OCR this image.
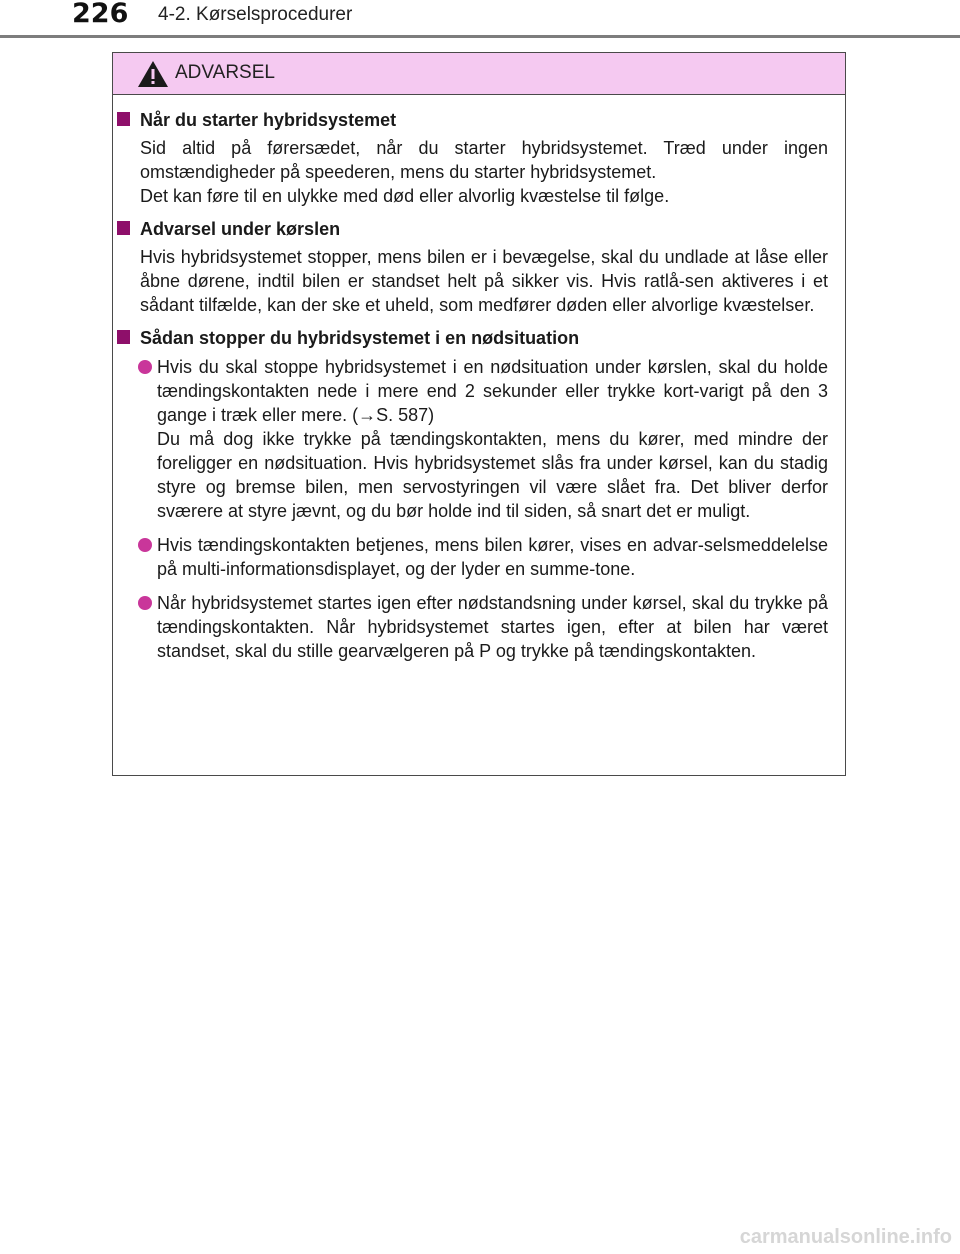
226 4-2. Kørselsprocedurer
ADVARSEL
Når du starter hybridsystemet
Sid altid på førersædet, når du starter hybridsystemet. Træd under ingen omstændigheder på speederen, mens du starter hybridsystemet.
Det kan føre til en ulykke med død eller alvorlig kvæstelse til følge.
Advarsel under kørslen
Hvis hybridsystemet stopper, mens bilen er i bevægelse, skal du undlade at låse eller åbne dørene, indtil bilen er standset helt på sikker vis. Hvis ratlå-sen aktiveres i et sådant tilfælde, kan der ske et uheld, som medfører døden eller alvorlige kvæstelser.
Sådan stopper du hybridsystemet i en nødsituation
Hvis du skal stoppe hybridsystemet i en nødsituation under kørslen, skal du holde tændingskontakten nede i mere end 2 sekunder eller trykke kort-varigt på den 3 gange i træk eller mere. (→S. 587)
Du må dog ikke trykke på tændingskontakten, mens du kører, med mindre der foreligger en nødsituation. Hvis hybridsystemet slås fra under kørsel, kan du stadig styre og bremse bilen, men servostyringen vil være slået fra. Det bliver derfor sværere at styre jævnt, og du bør holde ind til siden, så snart det er muligt.
Hvis tændingskontakten betjenes, mens bilen kører, vises en advar-selsmeddelelse på multi-informationsdisplayet, og der lyder en summe-tone.
Når hybridsystemet startes igen efter nødstandsning under kørsel, skal du trykke på tændingskontakten. Når hybridsystemet startes igen, efter at bilen har været standset, skal du stille gearvælgeren på P og trykke på tændingskontakten.
carmanualsonline.info
